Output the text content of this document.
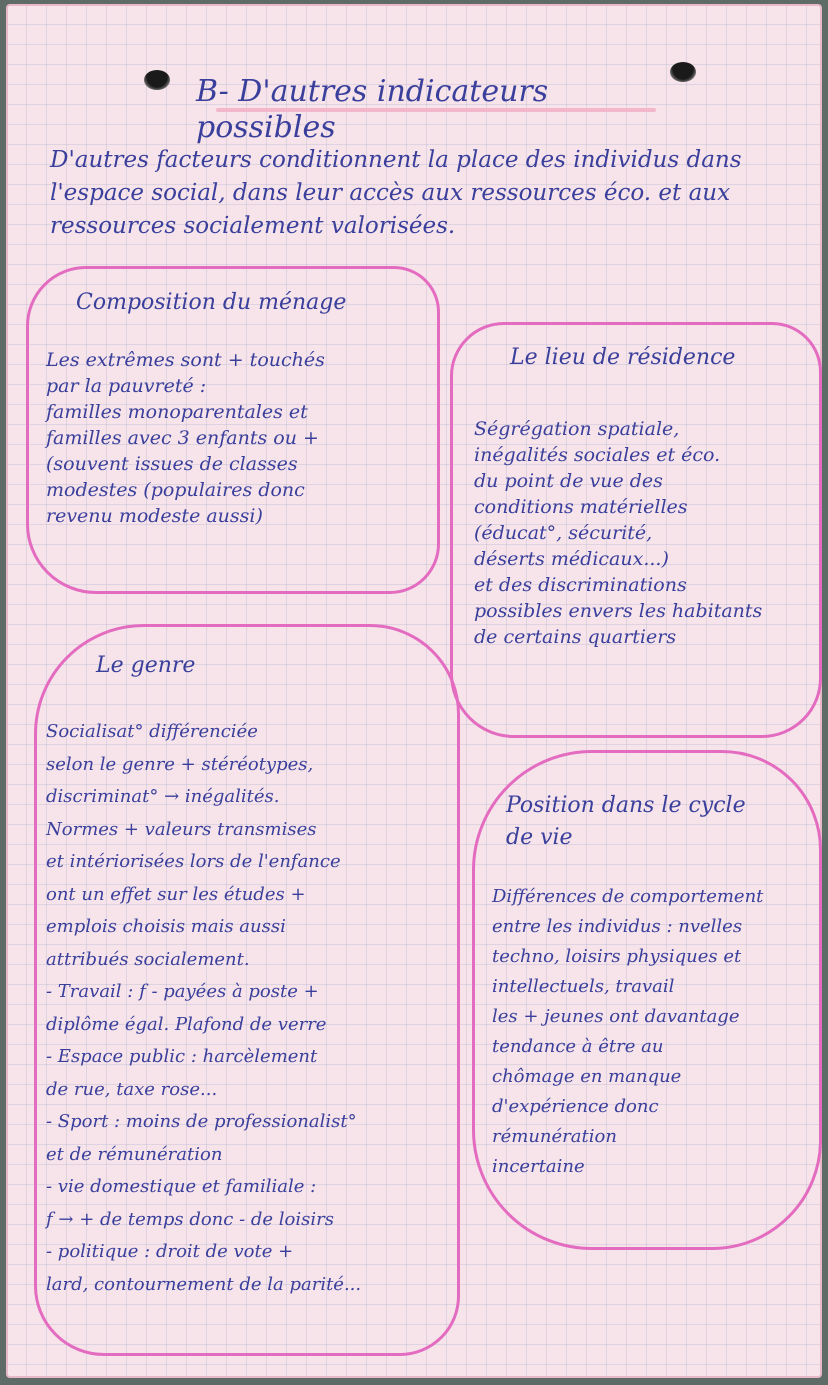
B- D'autres indicateurs possibles
D'autres facteurs conditionnent la place des individus dans l'espace social, dans leur accès aux ressources éco. et aux ressources socialement valorisées.
Composition du ménage
Les extrêmes sont + touchés
par la pauvreté :
familles monoparentales et
familles avec 3 enfants ou +
(souvent issues de classes
modestes (populaires donc
revenu modeste aussi)
Le lieu de résidence
Ségrégation spatiale,
inégalités sociales et éco.
du point de vue des
conditions matérielles
(éducat°, sécurité,
déserts médicaux...)
et des discriminations
possibles envers les habitants
de certains quartiers
Le genre
Socialisat° différenciée
selon le genre + stéréotypes,
discriminat° → inégalités.
Normes + valeurs transmises
et intériorisées lors de l'enfance
ont un effet sur les études +
emplois choisis mais aussi
attribués socialement.
- Travail : f - payées à poste +
diplôme égal. Plafond de verre
- Espace public : harcèlement
de rue, taxe rose...
- Sport : moins de professionalist°
et de rémunération
- vie domestique et familiale :
f → + de temps donc - de loisirs
- politique : droit de vote +
lard, contournement de la parité...
Position dans le cycle de vie
Différences de comportement
entre les individus : nvelles
techno, loisirs physiques et
intellectuels, travail
les + jeunes ont davantage
tendance à être au
chômage en manque
d'expérience donc
rémunération
incertaine
